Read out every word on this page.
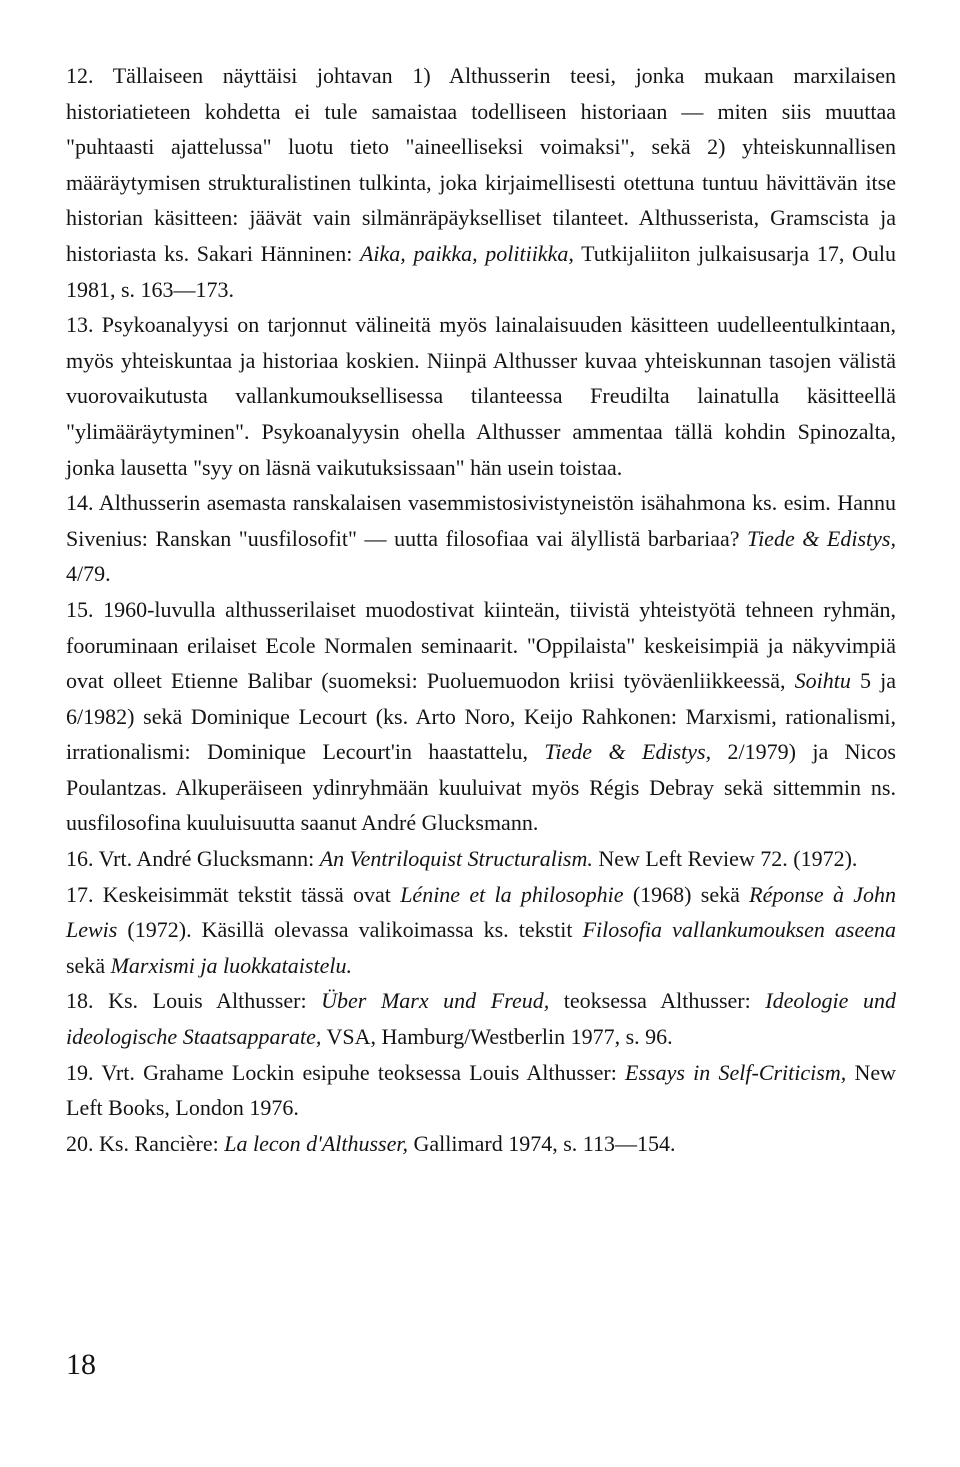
12. Tällaiseen näyttäisi johtavan 1) Althusserin teesi, jonka mukaan marxilaisen historiatieteen kohdetta ei tule samaistaa todelliseen historiaan — miten siis muuttaa "puhtaasti ajattelussa" luotu tieto "aineelliseksi voimaksi", sekä 2) yhteiskunnallisen määräytymisen strukturalistinen tulkinta, joka kirjaimellisesti otettuna tuntuu hävittävän itse historian käsitteen: jäävät vain silmänräpäykselliset tilanteet. Althusserista, Gramscista ja historiasta ks. Sakari Hänninen: Aika, paikka, politiikka, Tutkijaliiton julkaisusarja 17, Oulu 1981, s. 163—173.
13. Psykoanalyysi on tarjonnut välineitä myös lainalaisuuden käsitteen uudelleentulkintaan, myös yhteiskuntaa ja historiaa koskien. Niinpä Althusser kuvaa yhteiskunnan tasojen välistä vuorovaikutusta vallankumouksellisessa tilanteessa Freudilta lainatulla käsitteellä "ylimääräytyminen". Psykoanalyysin ohella Althusser ammentaa tällä kohdin Spinozalta, jonka lausetta "syy on läsnä vaikutuksissaan" hän usein toistaa.
14. Althusserin asemasta ranskalaisen vasemmistosivistyneistön isähahmona ks. esim. Hannu Sivenius: Ranskan "uusfilosofit" — uutta filosofiaa vai älyllistä barbariaa? Tiede & Edistys, 4/79.
15. 1960-luvulla althusserilaiset muodostivat kiinteän, tiivistä yhteistyötä tehneen ryhmän, fooruminaan erilaiset Ecole Normalen seminaarit. "Oppilaista" keskeisimpiä ja näkyvimpiä ovat olleet Etienne Balibar (suomeksi: Puoluemuodon kriisi työväenliikkeessä, Soihtu 5 ja 6/1982) sekä Dominique Lecourt (ks. Arto Noro, Keijo Rahkonen: Marxismi, rationalismi, irrationalismi: Dominique Lecourt'in haastattelu, Tiede & Edistys, 2/1979) ja Nicos Poulantzas. Alkuperäiseen ydinryhmään kuuluivat myös Régis Debray sekä sittemmin ns. uusfilosofina kuuluisuutta saanut André Glucksmann.
16. Vrt. André Glucksmann: An Ventriloquist Structuralism. New Left Review 72. (1972).
17. Keskeisimmät tekstit tässä ovat Lénine et la philosophie (1968) sekä Réponse à John Lewis (1972). Käsillä olevassa valikoimassa ks. tekstit Filosofia vallankumouksen aseena sekä Marxismi ja luokkataistelu.
18. Ks. Louis Althusser: Über Marx und Freud, teoksessa Althusser: Ideologie und ideologische Staatsapparate, VSA, Hamburg/Westberlin 1977, s. 96.
19. Vrt. Grahame Lockin esipuhe teoksessa Louis Althusser: Essays in Self-Criticism, New Left Books, London 1976.
20. Ks. Rancière: La lecon d'Althusser, Gallimard 1974, s. 113—154.
18
